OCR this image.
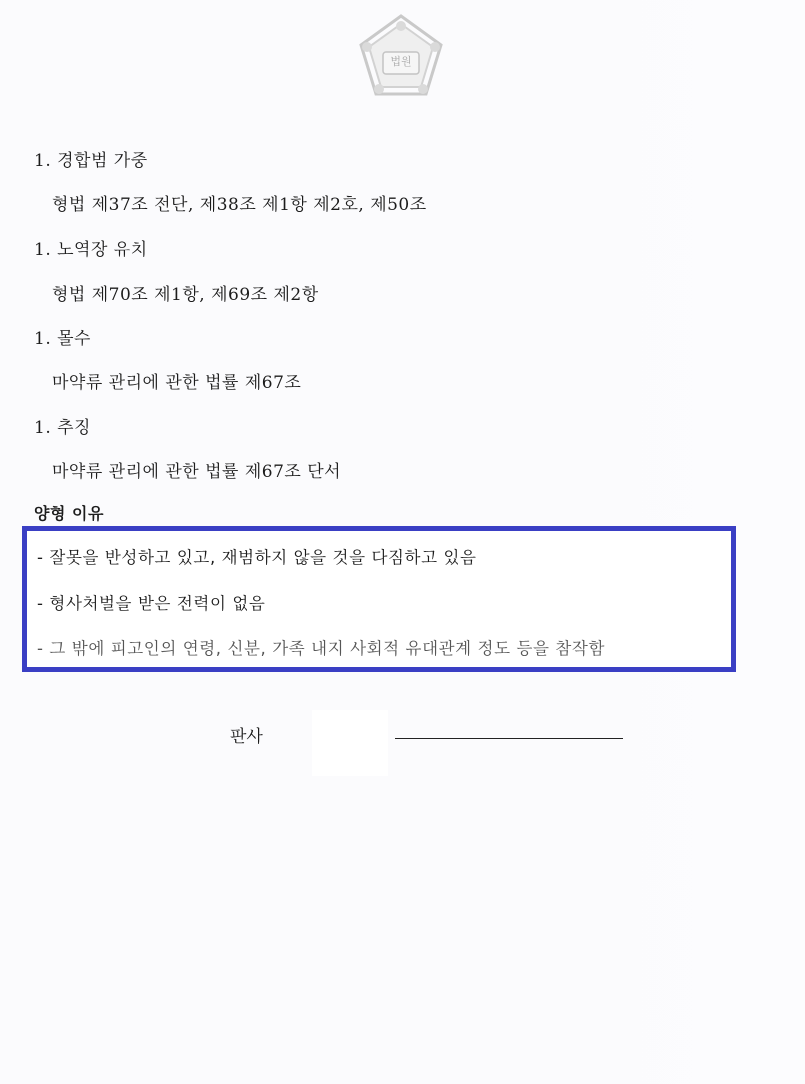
법원
1. 경합범 가중
형법 제37조 전단, 제38조 제1항 제2호, 제50조
1. 노역장 유치
형법 제70조 제1항, 제69조 제2항
1. 몰수
마약류 관리에 관한 법률 제67조
1. 추징
마약류 관리에 관한 법률 제67조 단서
양형 이유
- 잘못을 반성하고 있고, 재범하지 않을 것을 다짐하고 있음
- 형사처벌을 받은 전력이 없음
- 그 밖에 피고인의 연령, 신분, 가족 내지 사회적 유대관계 정도 등을 참작함
판사
